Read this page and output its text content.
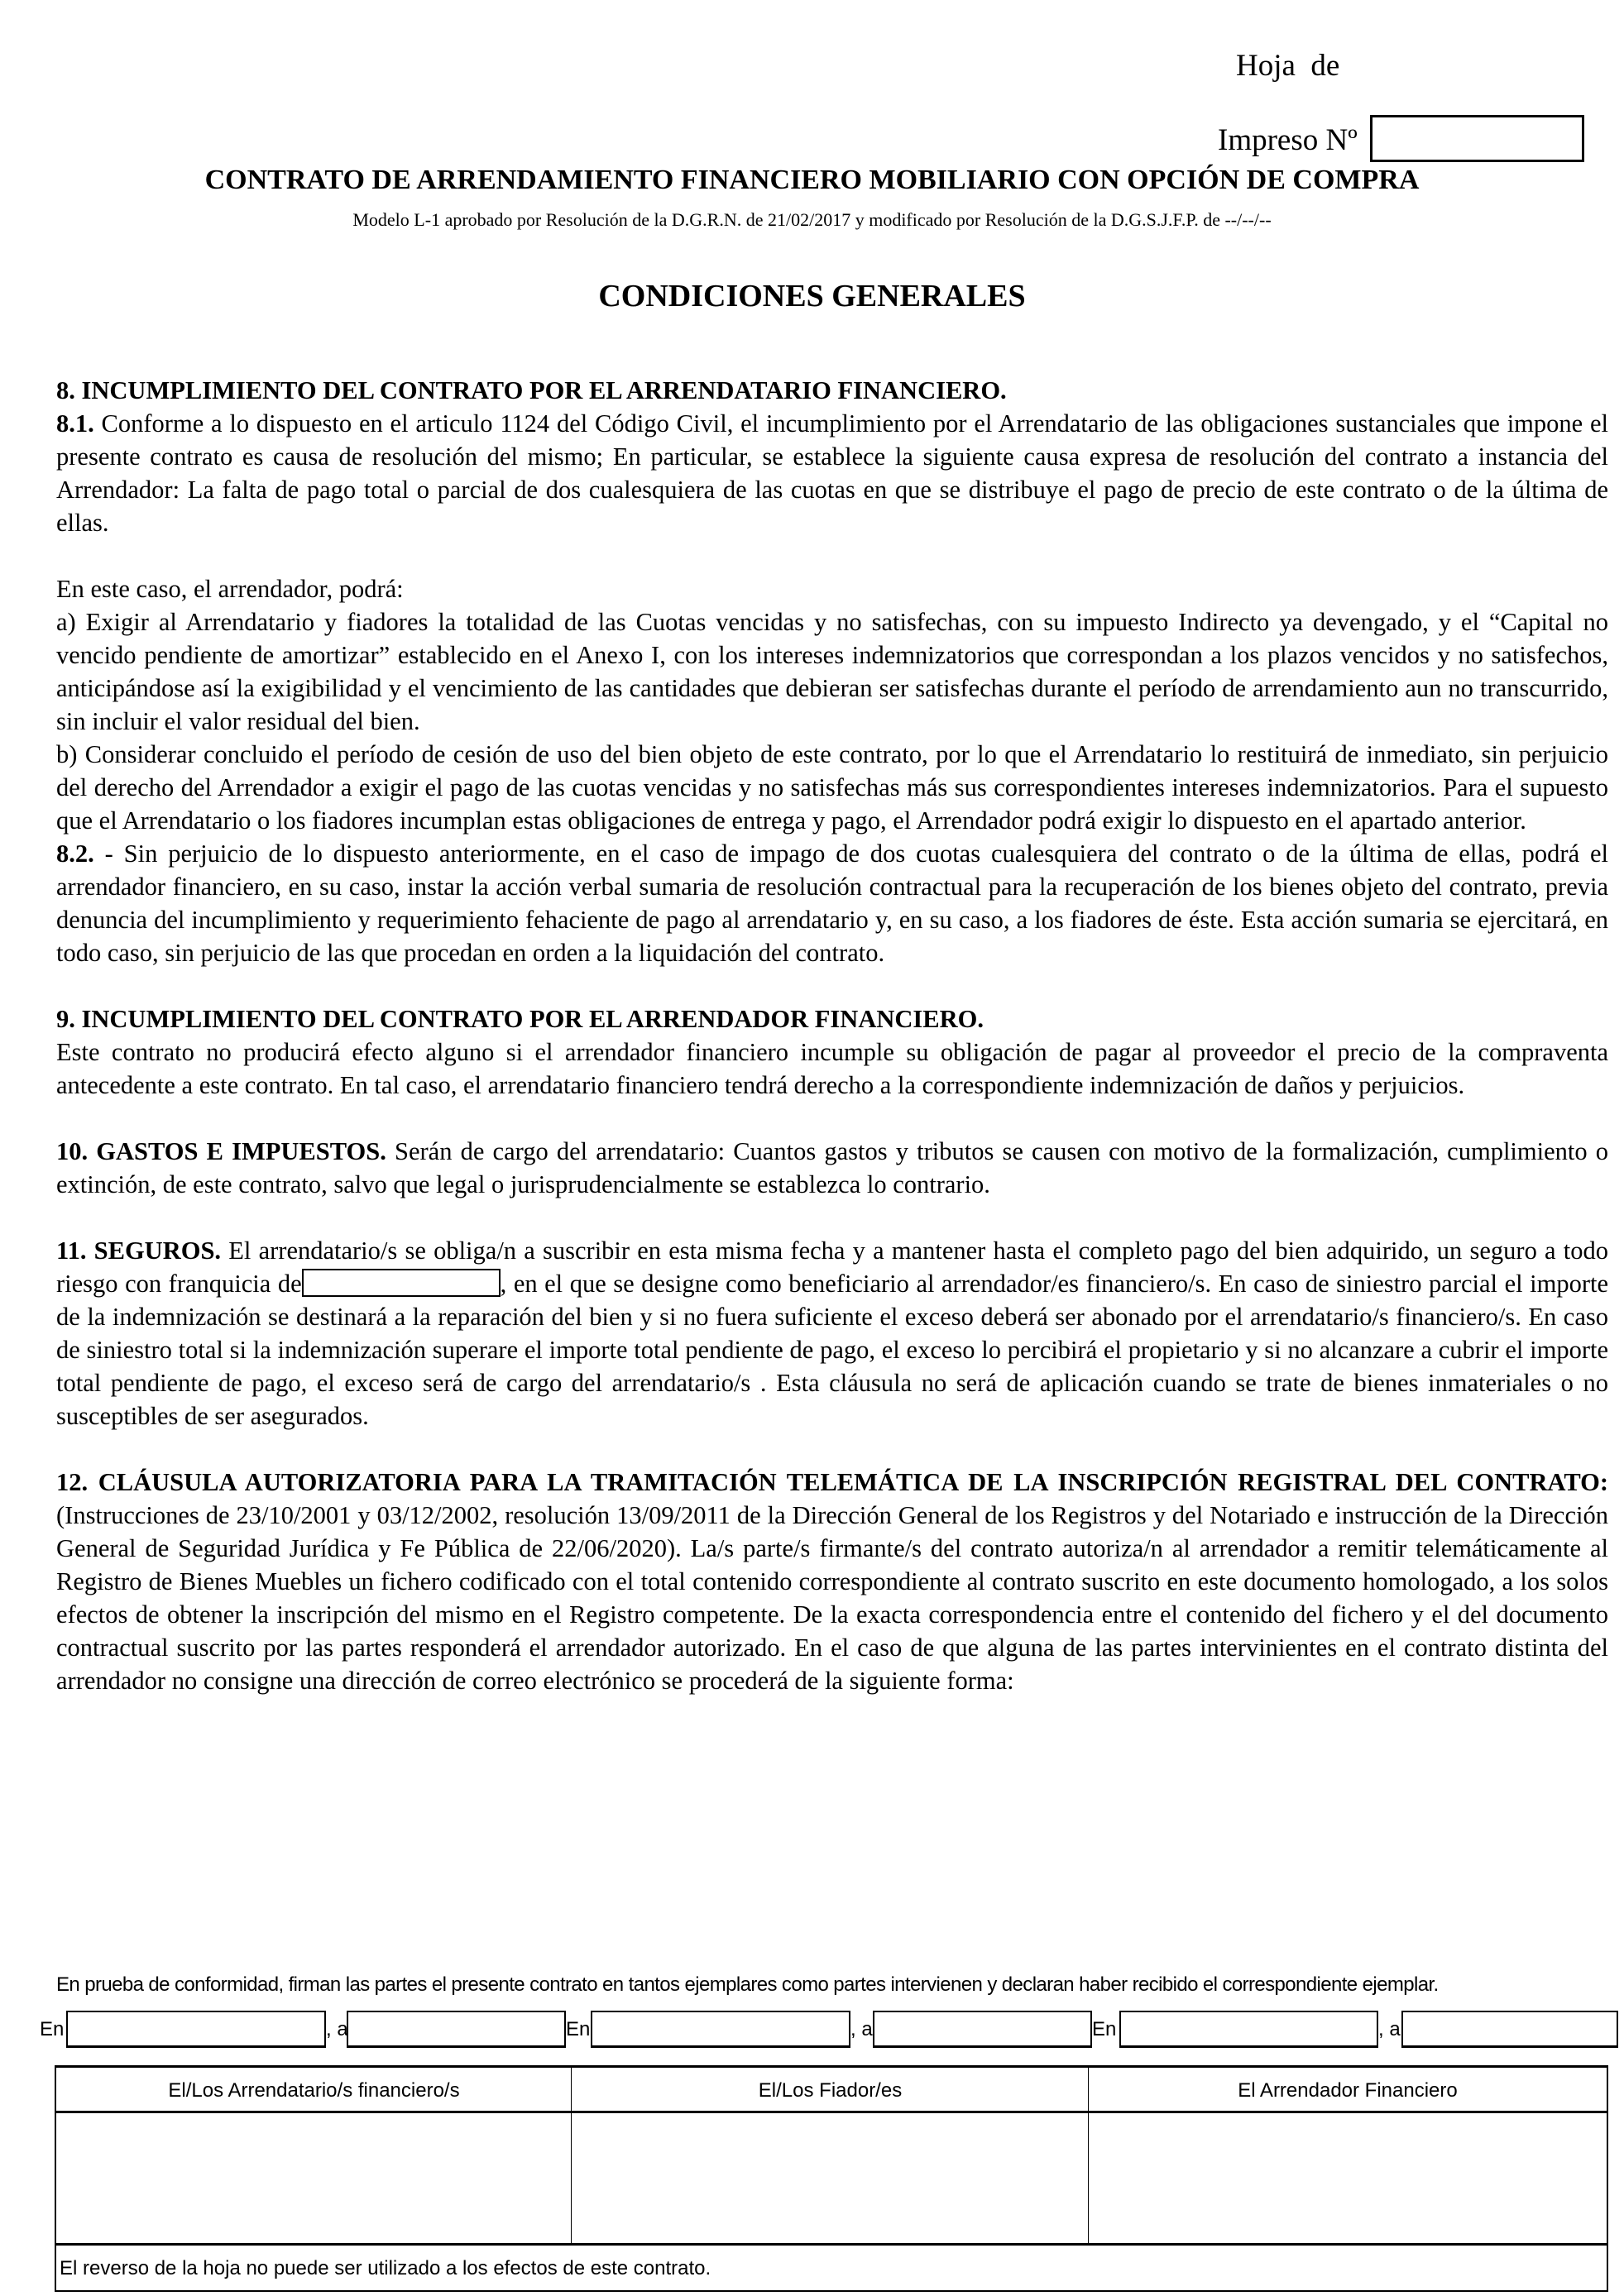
Hoja  de
Impreso Nº
CONTRATO DE ARRENDAMIENTO FINANCIERO MOBILIARIO CON OPCIÓN DE COMPRA
Modelo L-1 aprobado por Resolución de la D.G.R.N. de 21/02/2017 y modificado por Resolución de la D.G.S.J.F.P. de --/--/--
CONDICIONES GENERALES

8. INCUMPLIMIENTO DEL CONTRATO POR EL ARRENDATARIO FINANCIERO.

8.1. Conforme a lo dispuesto en el articulo 1124 del Código Civil, el incumplimiento por el Arrendatario de las obligaciones sustanciales que impone el presente contrato es causa de resolución del mismo; En particular, se establece la siguiente causa expresa de resolución del contrato a instancia del Arrendador: La falta de pago total o parcial de dos cualesquiera de las cuotas en que se distribuye el pago de precio de este contrato o de la última de ellas.

En este caso, el arrendador, podrá:

a) Exigir al Arrendatario y fiadores la totalidad de las Cuotas vencidas y no satisfechas, con su impuesto Indirecto ya devengado, y el “Capital no vencido pendiente de amortizar” establecido en el Anexo I, con los intereses indemnizatorios que correspondan a los plazos vencidos y no satisfechos, anticipándose así la exigibilidad y el vencimiento de las cantidades que debieran ser satisfechas durante el período de arrendamiento aun no transcurrido, sin incluir el valor residual del bien.

b) Considerar concluido el período de cesión de uso del bien objeto de este contrato, por lo que el Arrendatario lo restituirá de inmediato, sin perjuicio del derecho del Arrendador a exigir el pago de las cuotas vencidas y no satisfechas más sus correspondientes intereses indemnizatorios. Para el supuesto que el Arrendatario o los fiadores incumplan estas obligaciones de entrega y pago, el Arrendador podrá exigir lo dispuesto en el apartado anterior.

8.2. - Sin perjuicio de lo dispuesto anteriormente, en el caso de impago de dos cuotas cualesquiera del contrato o de la última de ellas, podrá el arrendador financiero, en su caso, instar la acción verbal sumaria de resolución contractual para la recuperación de los bienes objeto del contrato, previa denuncia del incumplimiento y requerimiento fehaciente de pago al arrendatario y, en su caso, a los fiadores de éste. Esta acción sumaria se ejercitará, en todo caso, sin perjuicio de las que procedan en orden a la liquidación del contrato.

9. INCUMPLIMIENTO DEL CONTRATO POR EL ARRENDADOR FINANCIERO.

Este contrato no producirá efecto alguno si el arrendador financiero incumple su obligación de pagar al proveedor el precio de la compraventa antecedente a este contrato. En tal caso, el arrendatario financiero tendrá derecho a la correspondiente indemnización de daños y perjuicios.

10. GASTOS E IMPUESTOS. Serán de cargo del arrendatario: Cuantos gastos y tributos se causen con motivo de la formalización, cumplimiento o extinción, de este contrato, salvo que legal o jurisprudencialmente se establezca lo contrario.

11. SEGUROS. El arrendatario/s se obliga/n a suscribir en esta misma fecha y a mantener hasta el completo pago del bien adquirido, un seguro a todo riesgo con franquicia de	, en el que se designe como beneficiario al arrendador/es financiero/s. En caso de siniestro parcial el importe de la indemnización se destinará a la reparación del bien y si no fuera suficiente el exceso deberá ser abonado por el arrendatario/s financiero/s. En caso de siniestro total si la indemnización superare el importe total pendiente de pago, el exceso lo percibirá el propietario y si no alcanzare a cubrir el importe total pendiente de pago, el exceso será de cargo del arrendatario/s . Esta cláusula no será de aplicación cuando se trate de bienes inmateriales o no susceptibles de ser asegurados.

12. CLÁUSULA AUTORIZATORIA PARA LA TRAMITACIÓN TELEMÁTICA DE LA INSCRIPCIÓN REGISTRAL DEL CONTRATO:(Instrucciones de 23/10/2001 y 03/12/2002, resolución 13/09/2011 de la Dirección General de los Registros y del Notariado e instrucción de la Dirección General de Seguridad Jurídica y Fe Pública de 22/06/2020). La/s parte/s firmante/s del contrato autoriza/n al arrendador a remitir telemáticamente al Registro de Bienes Muebles un fichero codificado con el total contenido correspondiente al contrato suscrito en este documento homologado, a los solos efectos de obtener la inscripción del mismo en el Registro competente. De la exacta correspondencia entre el contenido del fichero y el del documento contractual suscrito por las partes responderá el arrendador autorizado. En el caso de que alguna de las partes intervinientes en el contrato distinta del arrendador no consigne una dirección de correo electrónico se procederá de la siguiente forma:

En prueba de conformidad, firman las partes el presente contrato en tantos ejemplares como partes intervienen y declaran haber recibido el correspondiente ejemplar.
En	, a	En	, a	En	, a
El/Los Arrendatario/s financiero/s	El/Los Fiador/es	El Arrendador Financiero
El reverso de la hoja no puede ser utilizado a los efectos de este contrato.
